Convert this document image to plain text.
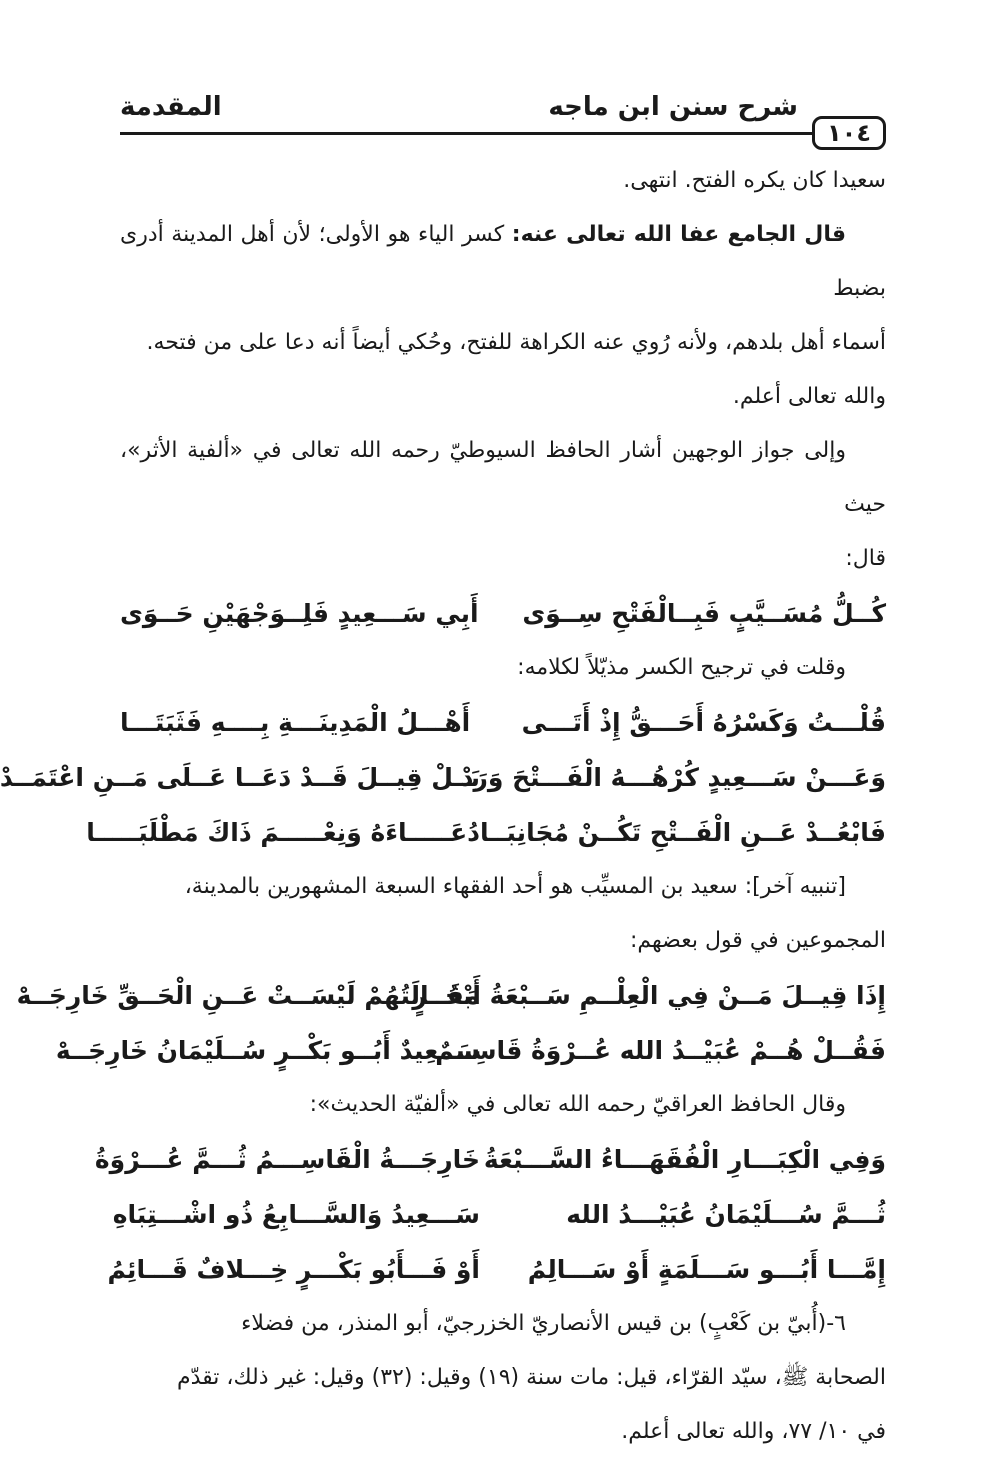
١٠٤
شرح سنن ابن ماجه
المقدمة

سعيدا كان يكره الفتح. انتهى.

قال الجامع عفا الله تعالى عنه: كسر الياء هو الأولى؛ لأن أهل المدينة أدرى بضبط

أسماء أهل بلدهم، ولأنه رُوي عنه الكراهة للفتح، وحُكي أيضاً أنه دعا على من فتحه.

والله تعالى أعلم.

وإلى جواز الوجهين أشار الحافظ السيوطيّ رحمه الله تعالى في «ألفية الأثر»، حيث

قال:

كُــلُّ مُسَــيَّبٍ فَبِــالْفَتْحِ سِــوَى
أَبِي سَـــعِيدٍ فَلِــوَجْهَيْنِ حَــوَى

وقلت في ترجيح الكسر مذيّلاً لكلامه:

قُلْـــتُ وَكَسْرُهُ أَحَـــقُّ إِذْ أَتَـــى
أَهْـــلُ الْمَدِينَـــةِ بِــــهِ فَثَبَتَـــا
وَعَـــنْ سَـــعِيدٍ كُرْهُـــهُ الْفَـــتْحَ وَرَدْ
بَــلْ قِيــلَ قَــدْ دَعَــا عَــلَى مَــنِ اعْتَمَــدْ
فَابْعُــدْ عَــنِ الْفَــتْحِ تَكُــنْ مُجَانِبَــا
دُعَـــــاءَهُ وَنِعْـــــمَ ذَاكَ مَطْلَبَـــــا

[تنبيه آخر]: سعيد بن المسيِّب هو أحد الفقهاء السبعة المشهورين بالمدينة،

المجموعين في قول بعضهم:

إِذَا قِيــلَ مَــنْ فِي الْعِلْــمِ سَــبْعَةُ أَبْحُــرٍ
مَقَــالَتُهُمْ لَيْسَــتْ عَــنِ الْحَــقِّ خَارِجَــهْ
فَقُــلْ هُــمْ عُبَيْــدُ الله عُــرْوَةُ قَاسِــمٌ
سَــعِيدٌ أَبُــو بَكْــرٍ سُــلَيْمَانُ خَارِجَــهْ

وقال الحافظ العراقيّ رحمه الله تعالى في «ألفيّة الحديث»:

وَفِي الْكِبَـــارِ الْفُقَهَـــاءُ السَّـــبْعَةُ
خَارِجَـــةُ الْقَاسِـــمُ ثُـــمَّ عُـــرْوَةُ
ثُـــمَّ سُـــلَيْمَانُ عُبَيْـــدُ الله
سَـــعِيدُ وَالسَّـــابِعُ ذُو اشْـــتِبَاهِ
إِمَّـــا أَبُـــو سَـــلَمَةٍ أَوْ سَـــالِمُ
أَوْ فَـــأَبُو بَكْـــرٍ خِـــلافٌ قَـــائِمُ

٦-(أُبيّ بن كَعْبٍ) بن قيس الأنصاريّ الخزرجيّ، أبو المنذر، من فضلاء

الصحابة ﷺ، سيّد القرّاء، قيل: مات سنة (١٩) وقيل: (٣٢) وقيل: غير ذلك، تقدّم

في ١٠/ ٧٧، والله تعالى أعلم.
